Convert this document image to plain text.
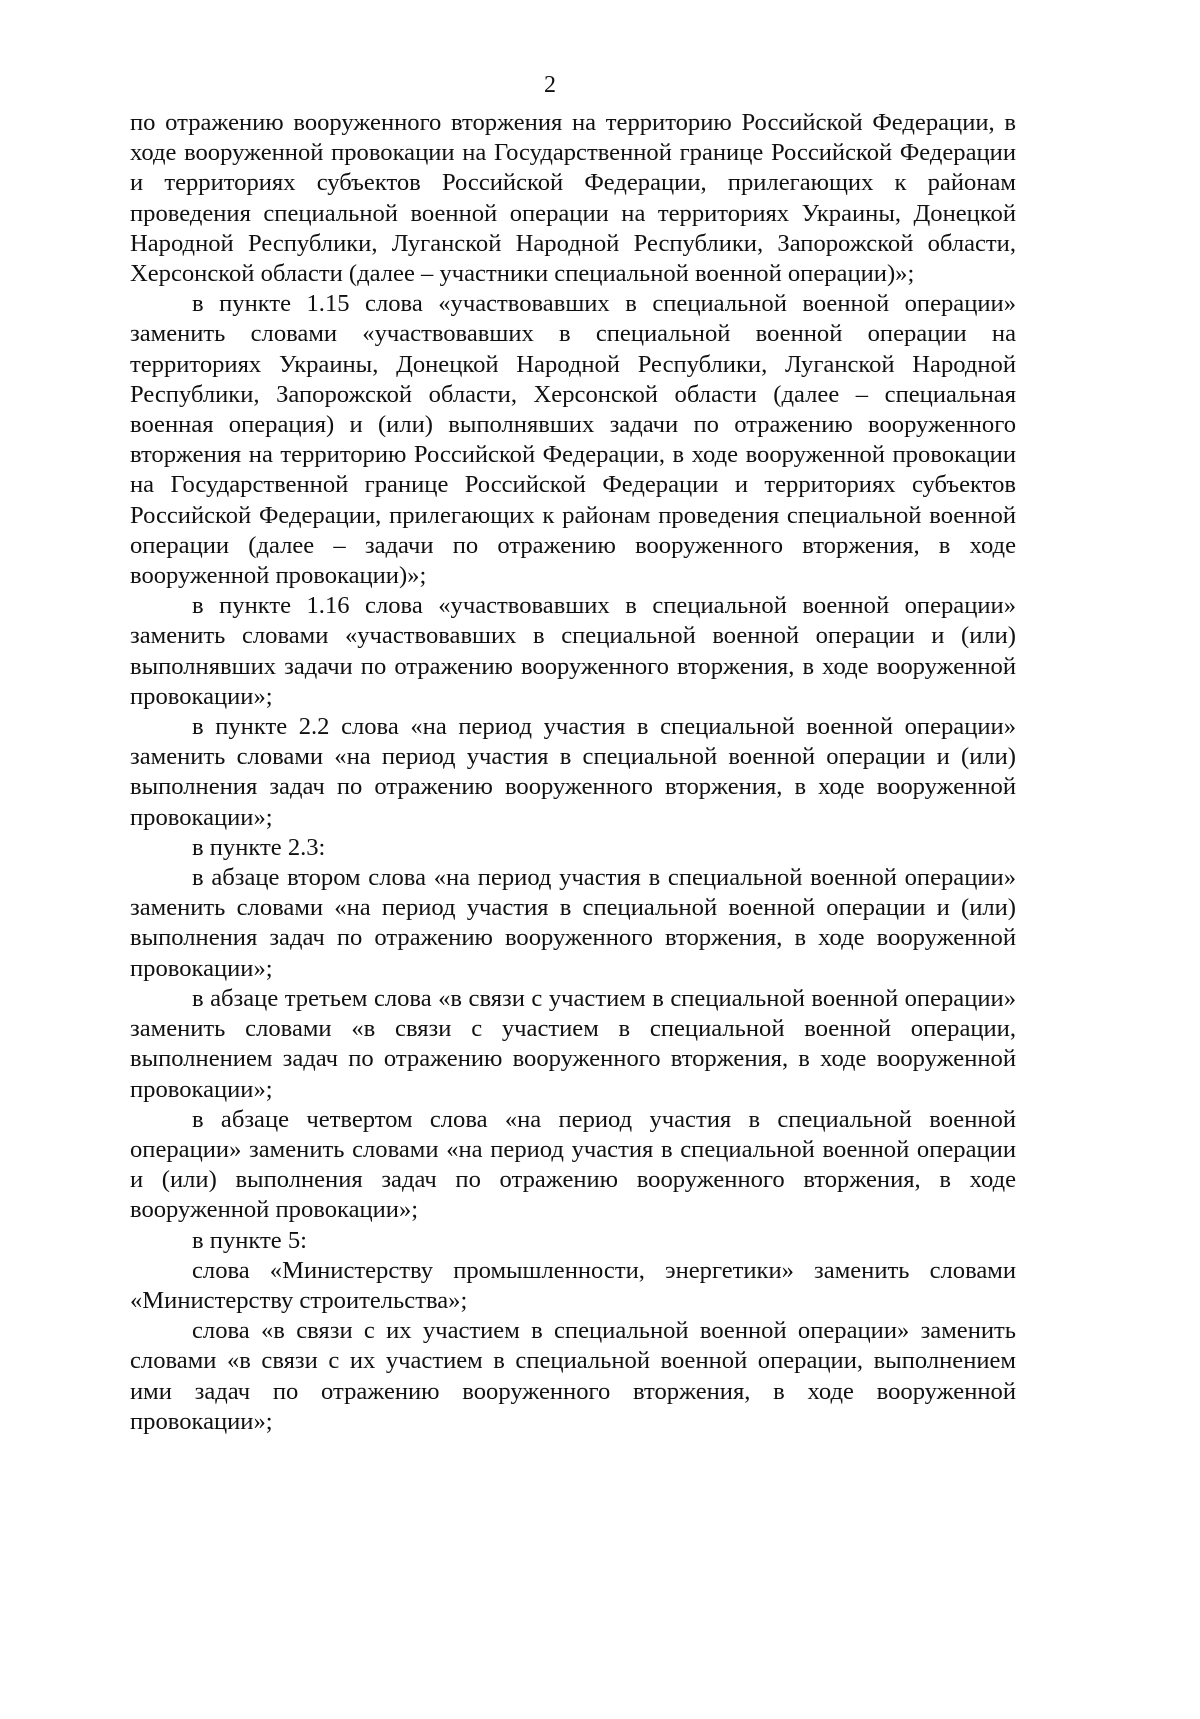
2

по отражению вооруженного вторжения на территорию Российской Федерации, в ходе вооруженной провокации на Государственной границе Российской Федерации и территориях субъектов Российской Федерации, прилегающих к районам проведения специальной военной операции на территориях Украины, Донецкой Народной Республики, Луганской Народной Республики, Запорожской области, Херсонской области (далее – участники специальной военной операции)»;

в пункте 1.15 слова «участвовавших в специальной военной операции» заменить словами «участвовавших в специальной военной операции на территориях Украины, Донецкой Народной Республики, Луганской Народной Республики, Запорожской области, Херсонской области (далее – специальная военная операция) и (или) выполнявших задачи по отражению вооруженного вторжения на территорию Российской Федерации, в ходе вооруженной провокации на Государственной границе Российской Федерации и территориях субъектов Российской Федерации, прилегающих к районам проведения специальной военной операции (далее – задачи по отражению вооруженного вторжения, в ходе вооруженной провокации)»;

в пункте 1.16 слова «участвовавших в специальной военной операции» заменить словами «участвовавших в специальной военной операции и (или) выполнявших задачи по отражению вооруженного вторжения, в ходе вооруженной провокации»;

в пункте 2.2 слова «на период участия в специальной военной операции» заменить словами «на период участия в специальной военной операции и (или) выполнения задач по отражению вооруженного вторжения, в ходе вооруженной провокации»;

в пункте 2.3:

в абзаце втором слова «на период участия в специальной военной операции» заменить словами «на период участия в специальной военной операции и (или) выполнения задач по отражению вооруженного вторжения, в ходе вооруженной провокации»;

в абзаце третьем слова «в связи с участием в специальной военной операции» заменить словами «в связи с участием в специальной военной операции, выполнением задач по отражению вооруженного вторжения, в ходе вооруженной провокации»;

в абзаце четвертом слова «на период участия в специальной военной операции» заменить словами «на период участия в специальной военной операции и (или) выполнения задач по отражению вооруженного вторжения, в ходе вооруженной провокации»;

в пункте 5:

слова «Министерству промышленности, энергетики» заменить словами «Министерству строительства»;

слова «в связи с их участием в специальной военной операции» заменить словами «в связи с их участием в специальной военной операции, выполнением ими задач по отражению вооруженного вторжения, в ходе вооруженной провокации»;
